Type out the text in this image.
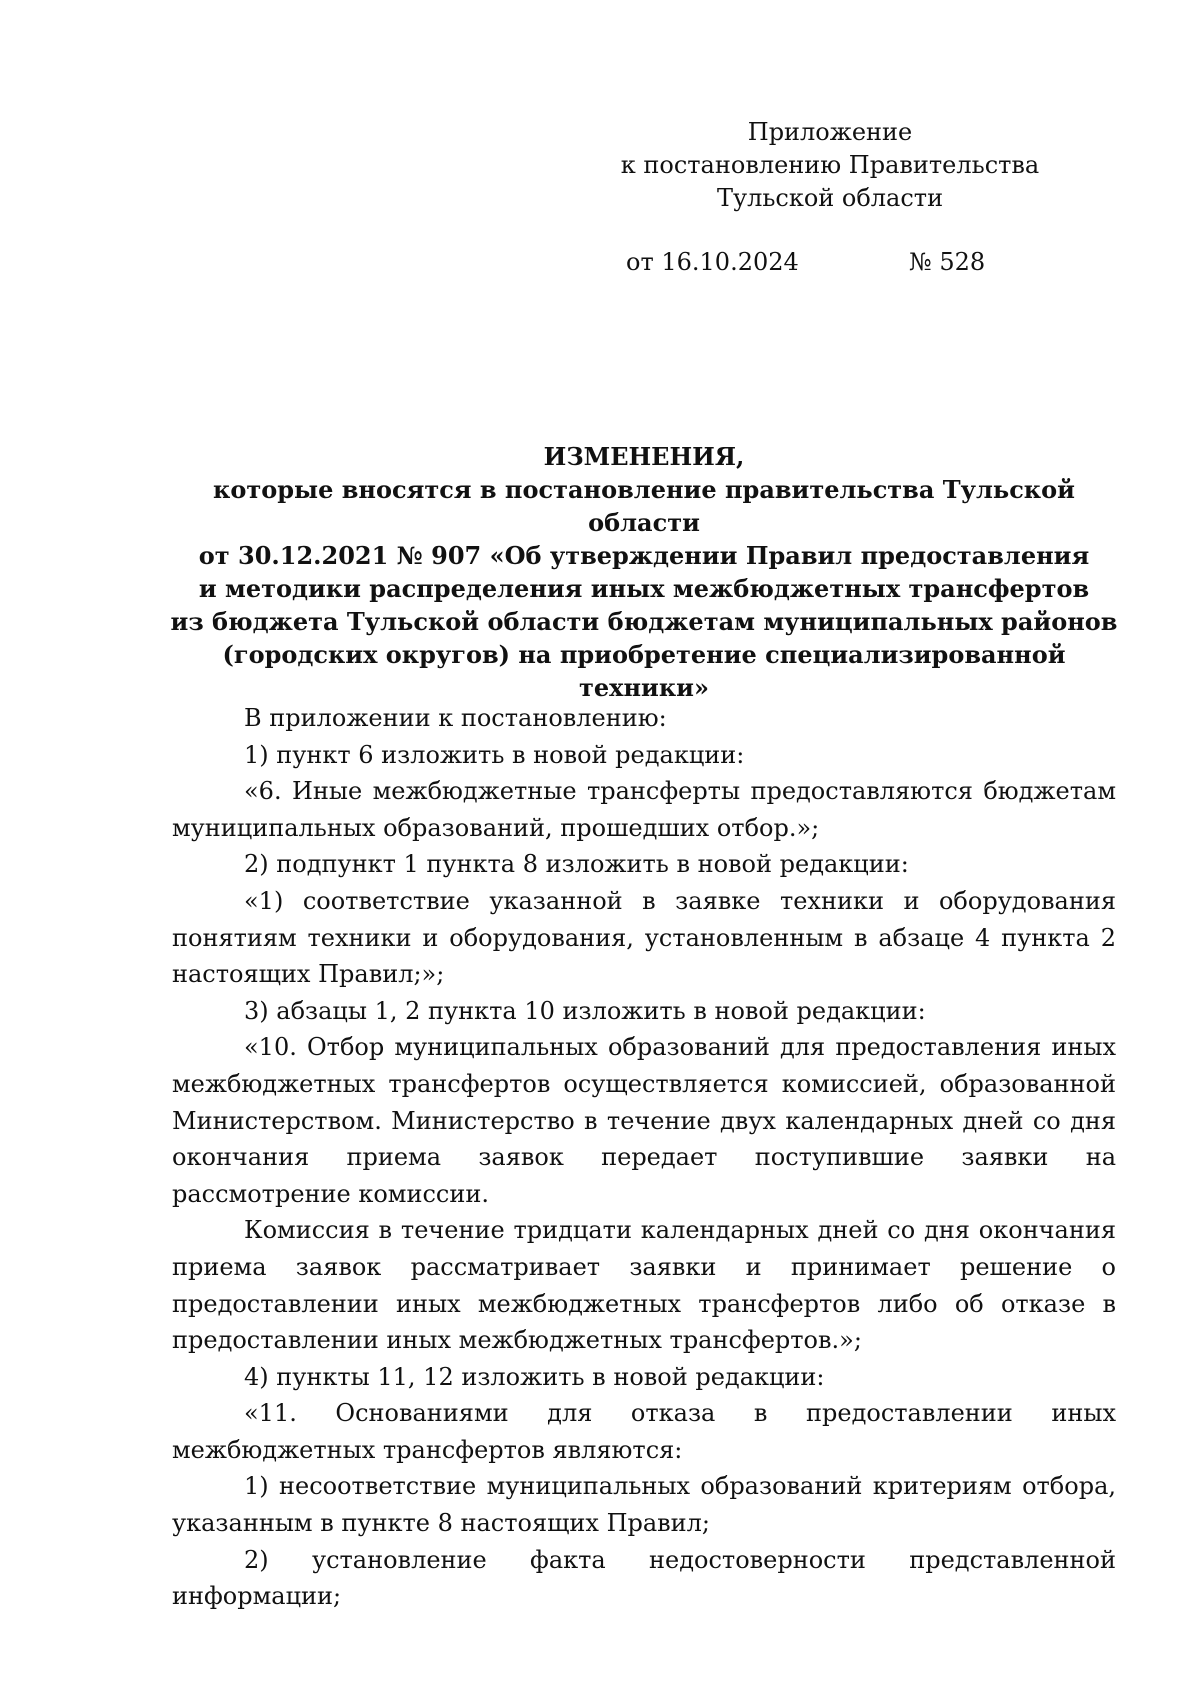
Приложение
к постановлению Правительства
Тульской области
от 16.10.2024	№ 528
ИЗМЕНЕНИЯ,
которые вносятся в постановление правительства Тульской области
от 30.12.2021 № 907 «Об утверждении Правил предоставления
и методики распределения иных межбюджетных трансфертов
из бюджета Тульской области бюджетам муниципальных районов
(городских округов) на приобретение специализированной техники»

В приложении к постановлению:

1) пункт 6 изложить в новой редакции:

«6. Иные межбюджетные трансферты предоставляются бюджетам муниципальных образований, прошедших отбор.»;

2) подпункт 1 пункта 8 изложить в новой редакции:

«1) соответствие указанной в заявке техники и оборудования понятиям техники и оборудования, установленным в абзаце 4 пункта 2 настоящих Правил;»;

3) абзацы 1, 2 пункта 10 изложить в новой редакции:

«10. Отбор муниципальных образований для предоставления иных межбюджетных трансфертов осуществляется комиссией, образованной Министерством. Министерство в течение двух календарных дней со дня окончания приема заявок передает поступившие заявки на рассмотрение комиссии.

Комиссия в течение тридцати календарных дней со дня окончания приема заявок рассматривает заявки и принимает решение о предоставлении иных межбюджетных трансфертов либо об отказе в предоставлении иных межбюджетных трансфертов.»;

4) пункты 11, 12 изложить в новой редакции:

«11. Основаниями для отказа в предоставлении иных межбюджетных трансфертов являются:

1) несоответствие муниципальных образований критериям отбора, указанным в пункте 8 настоящих Правил;

2) установление факта недостоверности представленной информации;
